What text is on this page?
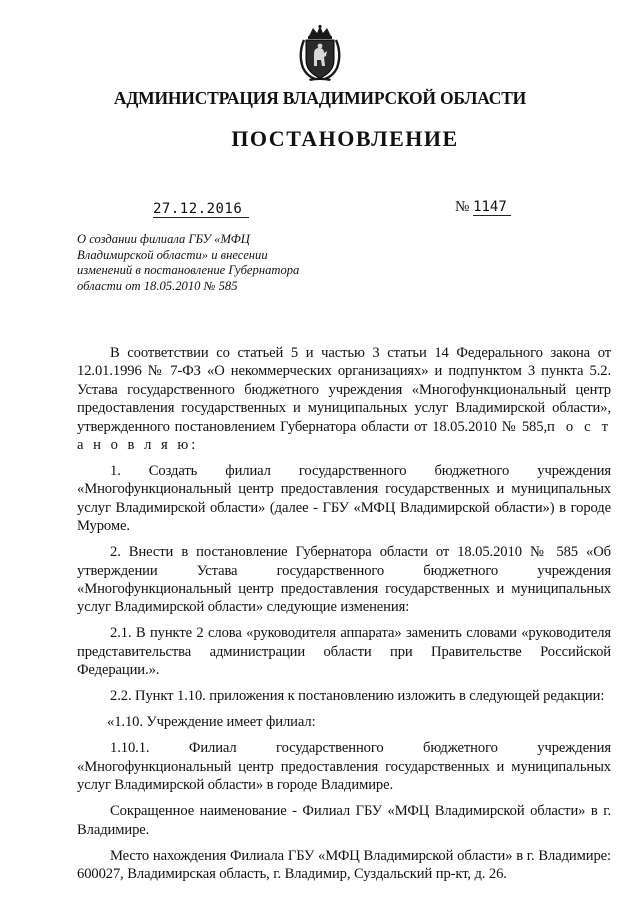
АДМИНИСТРАЦИЯ ВЛАДИМИРСКОЙ ОБЛАСТИ
ПОСТАНОВЛЕНИЕ
27.12.2016	№ 1147
О создании филиала ГБУ «МФЦ Владимирской области» и внесении изменений в постановление Губернатора области от 18.05.2010 № 585

В соответствии со статьей 5 и частью 3 статьи 14 Федерального закона от 12.01.1996 № 7-ФЗ «О некоммерческих организациях» и подпунктом 3 пункта 5.2. Устава государственного бюджетного учреждения «Многофункциональный центр предоставления государственных и муниципальных услуг Владимирской области», утвержденного постановлением Губернатора области от 18.05.2010 № 585,п о с т а н о в л я ю:

1. Создать филиал государственного бюджетного учреждения «Многофункциональный центр предоставления государственных и муниципальных услуг Владимирской области» (далее - ГБУ «МФЦ Владимирской области») в городе Муроме.

2. Внести в постановление Губернатора области от 18.05.2010 № 585 «Об утверждении Устава государственного бюджетного учреждения «Многофункциональный центр предоставления государственных и муниципальных услуг Владимирской области» следующие изменения:

2.1. В пункте 2 слова «руководителя аппарата» заменить словами «руководителя представительства администрации области при Правительстве Российской Федерации.».

2.2. Пункт 1.10. приложения к постановлению изложить в следующей редакции:

«1.10. Учреждение имеет филиал:

1.10.1. Филиал государственного бюджетного учреждения «Многофункциональный центр предоставления государственных и муниципальных услуг Владимирской области» в городе Владимире.

Сокращенное наименование - Филиал ГБУ «МФЦ Владимирской области» в г. Владимире.

Место нахождения Филиала ГБУ «МФЦ Владимирской области» в г. Владимире: 600027, Владимирская область, г. Владимир, Суздальский пр-кт, д. 26.
